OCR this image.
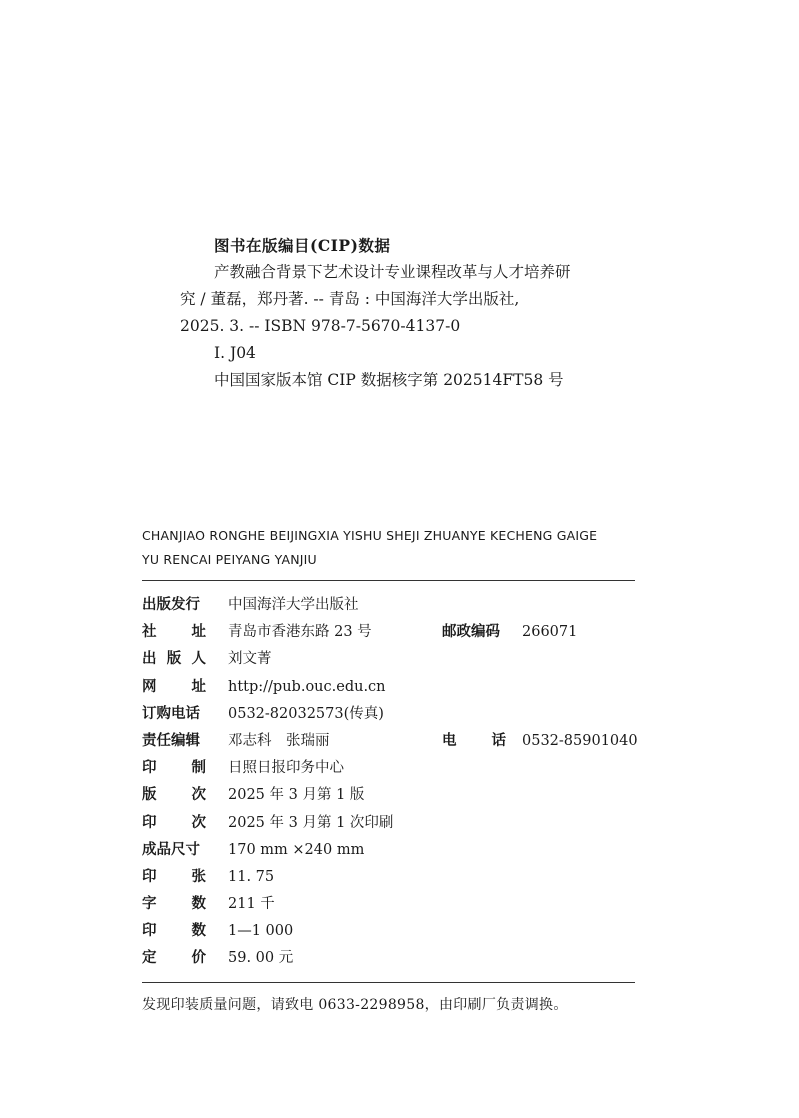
图书在版编目(CIP)数据
产教融合背景下艺术设计专业课程改革与人才培养研
究 / 董磊，郑丹著. -- 青岛 : 中国海洋大学出版社,
2025. 3. -- ISBN 978-7-5670-4137-0
Ⅰ. J04
中国国家版本馆 CIP 数据核字第 202514FT58 号
CHANJIAO RONGHE BEIJINGXIA YISHU SHEJI ZHUANYE KECHENG GAIGE
YU RENCAI PEIYANG YANJIU
出版发行	中国海洋大学出版社
社 址 青岛市香港东路 23 号	邮政编码	266071
出 版 人 刘文菁
网 址 http://pub.ouc.edu.cn
订购电话	0532-82032573(传真)
责任编辑	邓志科　张瑞丽	电 话 0532-85901040
印 制 日照日报印务中心
版 次 2025 年 3 月第 1 版
印 次 2025 年 3 月第 1 次印刷
成品尺寸	170 mm ×240 mm
印 张 11. 75
字 数 211 千
印 数 1—1 000
定 价 59. 00 元
发现印装质量问题，请致电 0633-2298958，由印刷厂负责调换。
